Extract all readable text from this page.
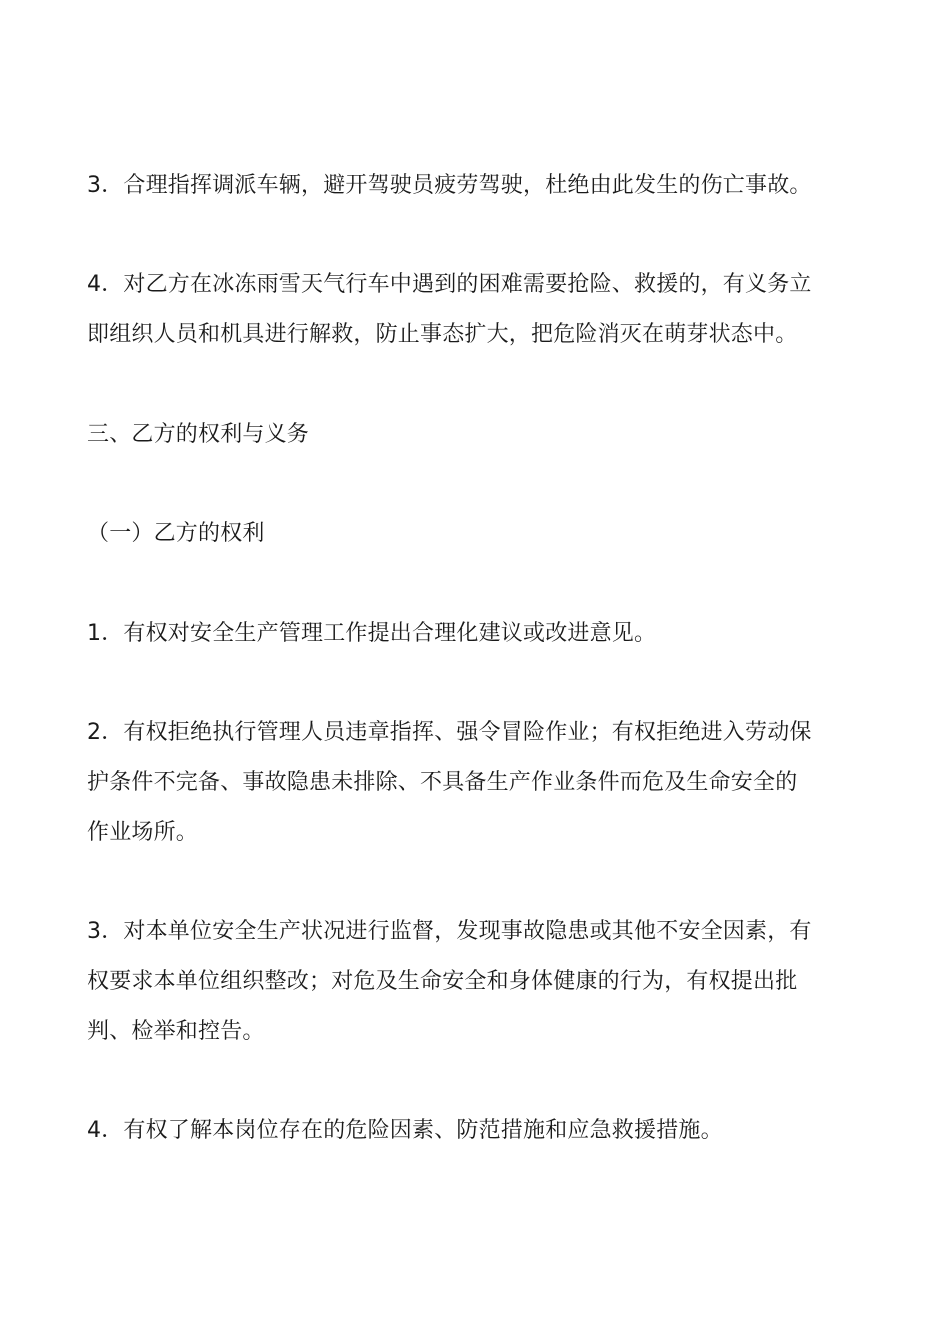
3．合理指挥调派车辆，避开驾驶员疲劳驾驶，杜绝由此发生的伤亡事故。
4．对乙方在冰冻雨雪天气行车中遇到的困难需要抢险、救援的，有义务立
即组织人员和机具进行解救，防止事态扩大，把危险消灭在萌芽状态中。
三、乙方的权利与义务
（一）乙方的权利
1．有权对安全生产管理工作提出合理化建议或改进意见。
2．有权拒绝执行管理人员违章指挥、强令冒险作业；有权拒绝进入劳动保
护条件不完备、事故隐患未排除、不具备生产作业条件而危及生命安全的
作业场所。
3．对本单位安全生产状况进行监督，发现事故隐患或其他不安全因素，有
权要求本单位组织整改；对危及生命安全和身体健康的行为，有权提出批
判、检举和控告。
4．有权了解本岗位存在的危险因素、防范措施和应急救援措施。
